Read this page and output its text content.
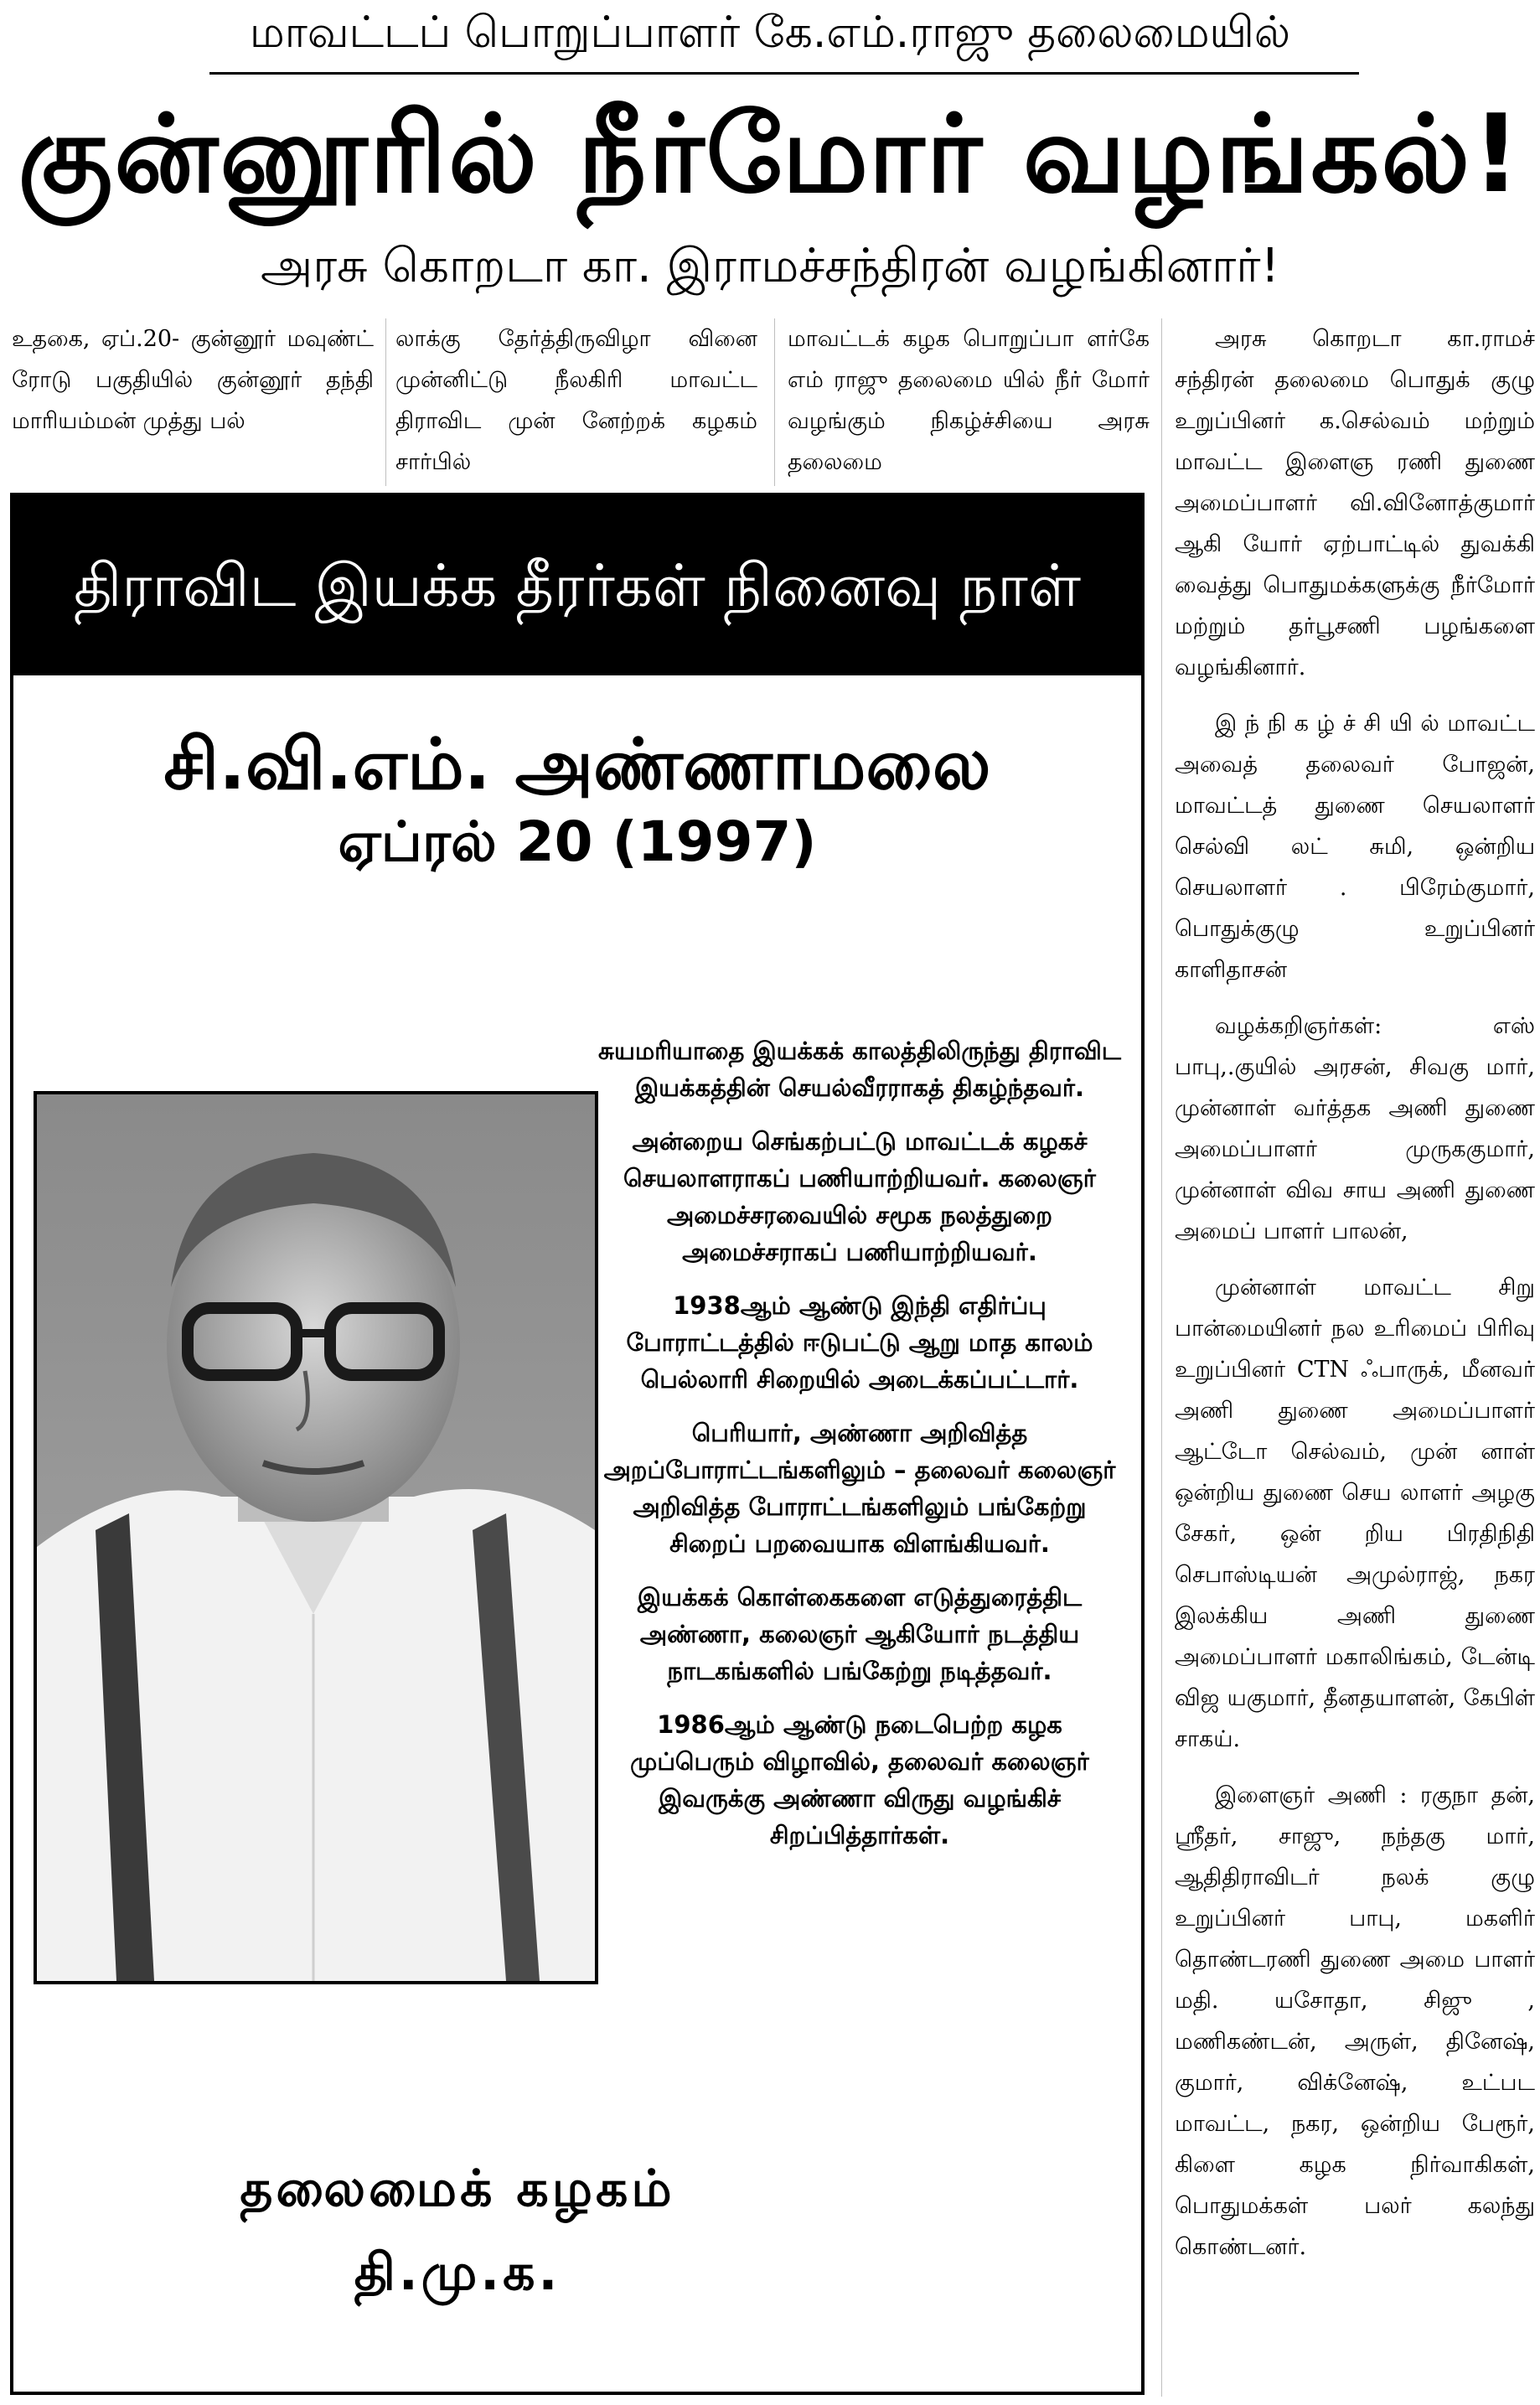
மாவட்டப் பொறுப்பாளர் கே.எம்.ராஜு தலைமையில்
குன்னூரில் நீர்மோர் வழங்கல்!
அரசு கொறடா கா. இராமச்சந்திரன் வழங்கினார்!

உதகை, ஏப்.20- குன்னூர் மவுண்ட் ரோடு பகுதியில் குன்னூர் தந்தி மாரியம்மன் முத்து பல்

லாக்கு தேர்த்திருவிழா வினை முன்னிட்டு நீலகிரி மாவட்ட திராவிட முன் னேற்றக் கழகம் சார்பில்

மாவட்டக் கழக பொறுப்பா ளர்கே எம் ராஜு தலைமை யில் நீர் மோர் வழங்கும் நிகழ்ச்சியை அரசு தலைமை

அரசு கொறடா கா.ராமச் சந்திரன் தலைமை பொதுக் குழு உறுப்பினர் க.செல்வம் மற்றும் மாவட்ட இளைஞ ரணி துணை அமைப்பாளர் வி.வினோத்குமார் ஆகி யோர் ஏற்பாட்டில் துவக்கி வைத்து பொதுமக்களுக்கு நீர்மோர் மற்றும் தர்பூசணி பழங்களை வழங்கினார்.

இ ந் நி க ழ் ச் சி யி ல் மாவட்ட அவைத் தலைவர் போஜன், மாவட்டத் துணை செயலாளர் செல்வி லட் சுமி, ஒன்றிய செயலாளர் . பிரேம்குமார், பொதுக்குழு உறுப்பினர் காளிதாசன்

வழக்கறிஞர்கள்: எஸ் பாபு,.குயில் அரசன், சிவகு மார், முன்னாள் வர்த்தக அணி துணை அமைப்பாளர் முருககுமார், முன்னாள் விவ சாய அணி துணை அமைப் பாளர் பாலன்,

முன்னாள் மாவட்ட சிறு பான்மையினர் நல உரிமைப் பிரிவு உறுப்பினர் CTN ஃபாருக், மீனவர் அணி துணை அமைப்பாளர் ஆட்டோ செல்வம், முன் னாள் ஒன்றிய துணை செய லாளர் அழகு சேகர், ஒன் றிய பிரதிநிதி செபாஸ்டியன் அமுல்ராஜ், நகர இலக்கிய அணி துணை அமைப்பாளர் மகாலிங்கம், டேன்டி விஜ யகுமார், தீனதயாளன், கேபிள் சாகய்.

இளைஞர் அணி : ரகுநா தன், ஸ்ரீதர், சாஜு, நந்தகு மார், ஆதிதிராவிடர் நலக் குழு உறுப்பினர் பாபு, மகளிர் தொண்டரணி துணை அமை பாளர் மதி. யசோதா, சிஜு , மணிகண்டன், அருள், தினேஷ், குமார், விக்னேஷ், உட்பட மாவட்ட, நகர, ஒன்றிய பேரூர், கிளை கழக நிர்வாகிகள், பொதுமக்கள் பலர் கலந்து கொண்டனர்.

திராவிட இயக்க தீரர்கள் நினைவு நாள்
சி.வி.எம். அண்ணாமலை
ஏப்ரல் 20 (1997)

சுயமரியாதை இயக்கக் காலத்திலிருந்து திராவிட இயக்கத்தின் செயல்வீரராகத் திகழ்ந்தவர்.

அன்றைய செங்கற்பட்டு மாவட்டக் கழகச் செயலாளராகப் பணியாற்றியவர். கலைஞர் அமைச்சரவையில் சமூக நலத்துறை அமைச்சராகப் பணியாற்றியவர்.

1938ஆம் ஆண்டு இந்தி எதிர்ப்பு போராட்டத்தில் ஈடுபட்டு ஆறு மாத காலம் பெல்லாரி சிறையில் அடைக்கப்பட்டார்.

பெரியார், அண்ணா அறிவித்த அறப்போராட்டங்களிலும் – தலைவர் கலைஞர் அறிவித்த போராட்டங்களிலும் பங்கேற்று சிறைப் பறவையாக விளங்கியவர்.

இயக்கக் கொள்கைகளை எடுத்துரைத்திட அண்ணா, கலைஞர் ஆகியோர் நடத்திய நாடகங்களில் பங்கேற்று நடித்தவர்.

1986ஆம் ஆண்டு நடைபெற்ற கழக முப்பெரும் விழாவில், தலைவர் கலைஞர் இவருக்கு அண்ணா விருது வழங்கிச் சிறப்பித்தார்கள்.

தலைமைக் கழகம்
தி.மு.க.
